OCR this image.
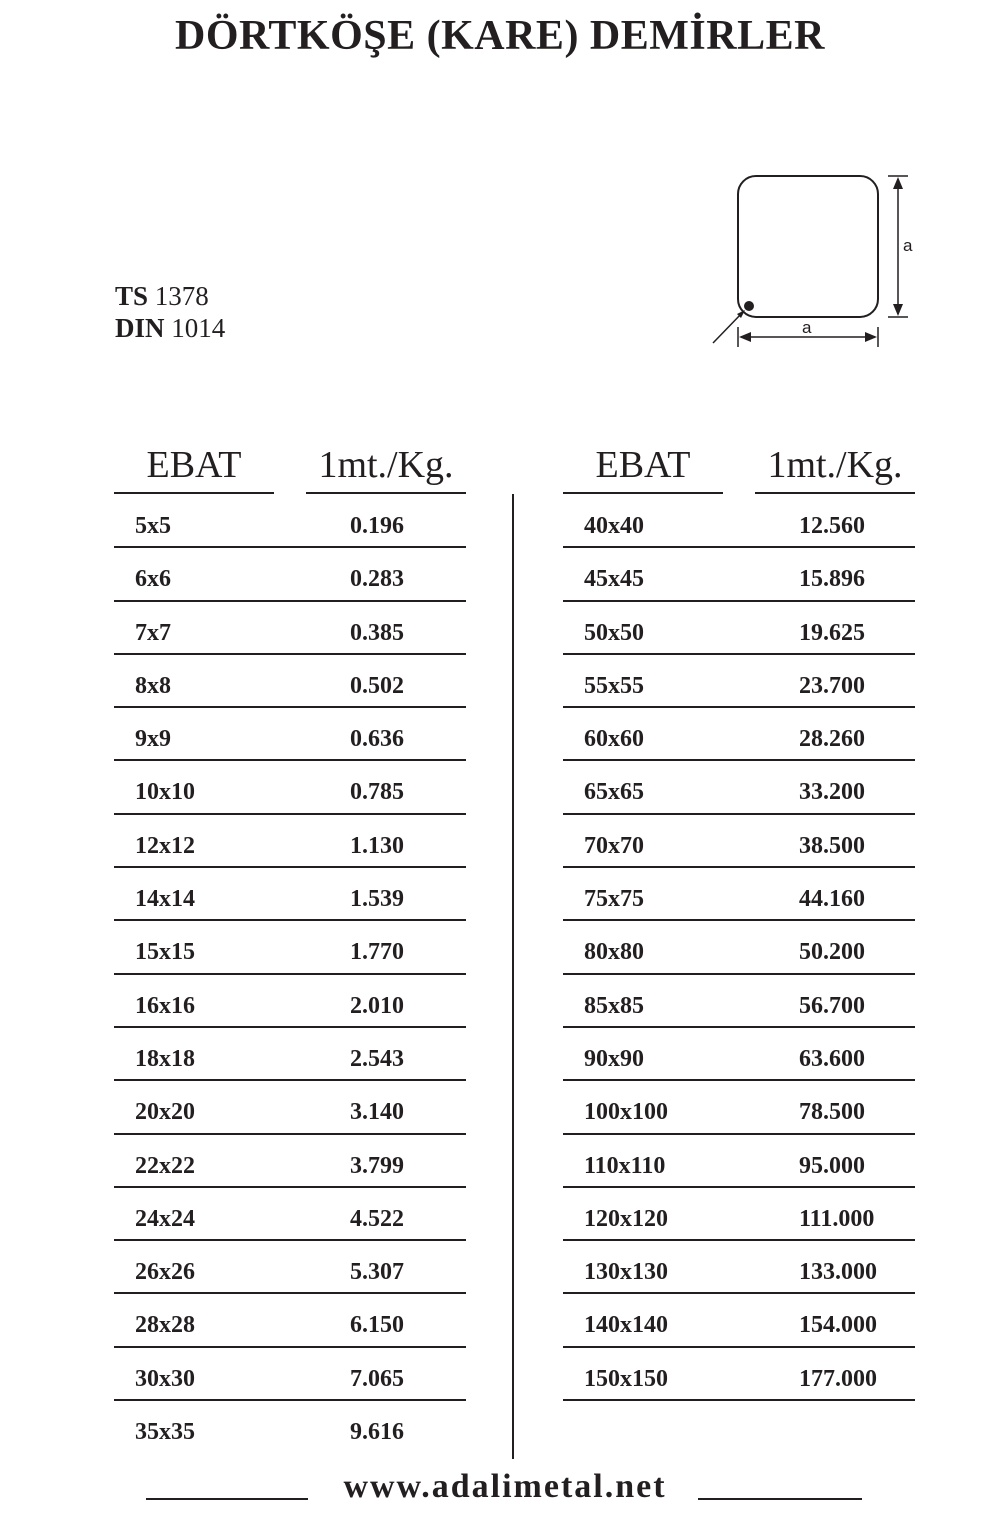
DÖRTKÖŞE (KARE) DEMİRLER
TS 1378
DIN 1014
a
a
EBAT	1mt./Kg.
5x5	0.196
6x6	0.283
7x7	0.385
8x8	0.502
9x9	0.636
10x10	0.785
12x12	1.130
14x14	1.539
15x15	1.770
16x16	2.010
18x18	2.543
20x20	3.140
22x22	3.799
24x24	4.522
26x26	5.307
28x28	6.150
30x30	7.065
35x35	9.616
EBAT	1mt./Kg.
40x40	12.560
45x45	15.896
50x50	19.625
55x55	23.700
60x60	28.260
65x65	33.200
70x70	38.500
75x75	44.160
80x80	50.200
85x85	56.700
90x90	63.600
100x100	78.500
110x110	95.000
120x120	111.000
130x130	133.000
140x140	154.000
150x150	177.000
www.adalimetal.net
